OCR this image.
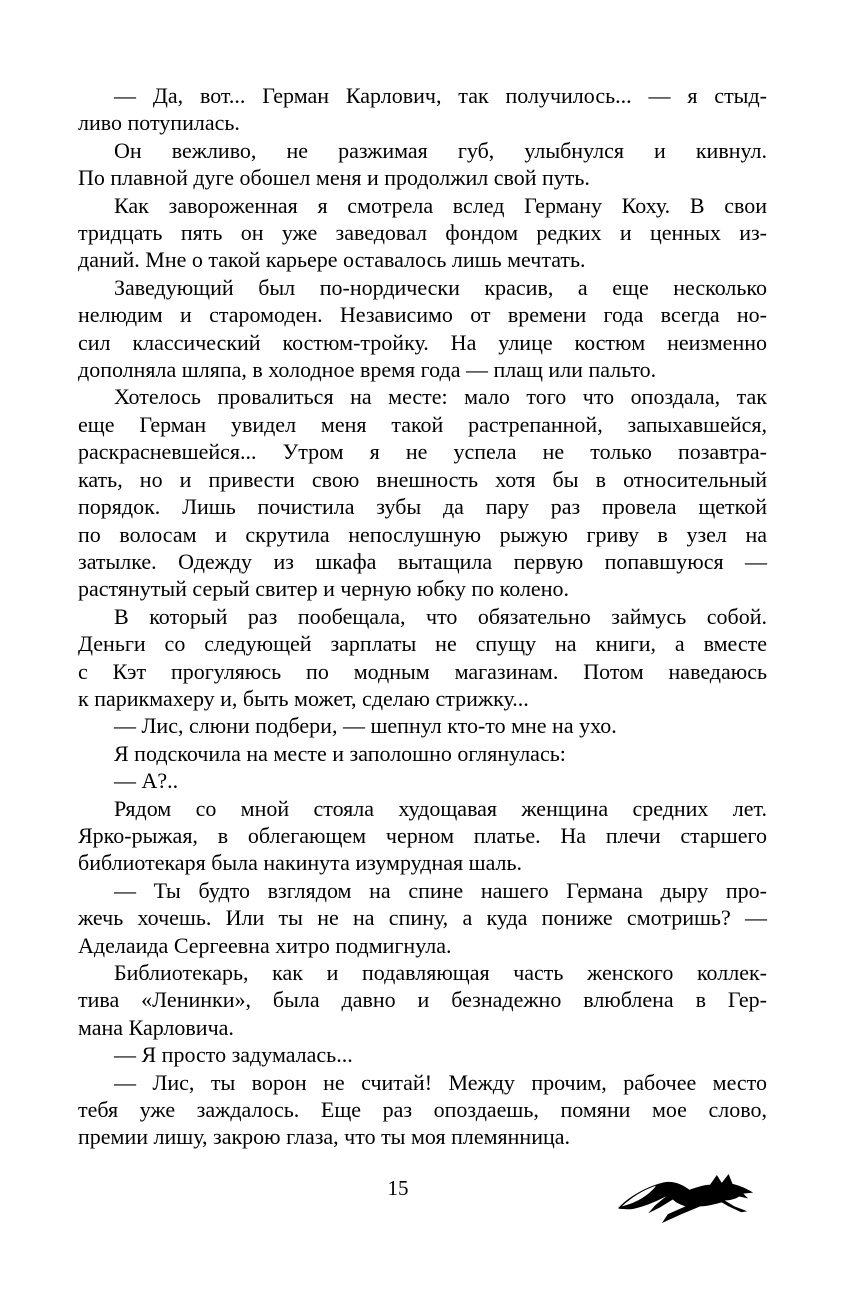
— Да, вот... Герман Карлович, так получилось... — я стыд-
ливо потупилась.

Он вежливо, не разжимая губ, улыбнулся и кивнул.
По плавной дуге обошел меня и продолжил свой путь.

Как завороженная я смотрела вслед Герману Коху. В свои
тридцать пять он уже заведовал фондом редких и ценных из-
даний. Мне о такой карьере оставалось лишь мечтать.

Заведующий был по-нордически красив, а еще несколько
нелюдим и старомоден. Независимо от времени года всегда но-
сил классический костюм-тройку. На улице костюм неизменно
дополняла шляпа, в холодное время года — плащ или пальто.

Хотелось провалиться на месте: мало того что опоздала, так
еще Герман увидел меня такой растрепанной, запыхавшейся,
раскрасневшейся... Утром я не успела не только позавтра-
кать, но и привести свою внешность хотя бы в относительный
порядок. Лишь почистила зубы да пару раз провела щеткой
по волосам и скрутила непослушную рыжую гриву в узел на
затылке. Одежду из шкафа вытащила первую попавшуюся —
растянутый серый свитер и черную юбку по колено.

В который раз пообещала, что обязательно займусь собой.
Деньги со следующей зарплаты не спущу на книги, а вместе
с Кэт прогуляюсь по модным магазинам. Потом наведаюсь
к парикмахеру и, быть может, сделаю стрижку...

— Лис, слюни подбери, — шепнул кто-то мне на ухо.

Я подскочила на месте и заполошно оглянулась:

— А?..

Рядом со мной стояла худощавая женщина средних лет.
Ярко-рыжая, в облегающем черном платье. На плечи старшего
библиотекаря была накинута изумрудная шаль.

— Ты будто взглядом на спине нашего Германа дыру про-
жечь хочешь. Или ты не на спину, а куда пониже смотришь? —
Аделаида Сергеевна хитро подмигнула.

Библиотекарь, как и подавляющая часть женского коллек-
тива «Ленинки», была давно и безнадежно влюблена в Гер-
мана Карловича.

— Я просто задумалась...

— Лис, ты ворон не считай! Между прочим, рабочее место
тебя уже заждалось. Еще раз опоздаешь, помяни мое слово,
премии лишу, закрою глаза, что ты моя племянница.

15
